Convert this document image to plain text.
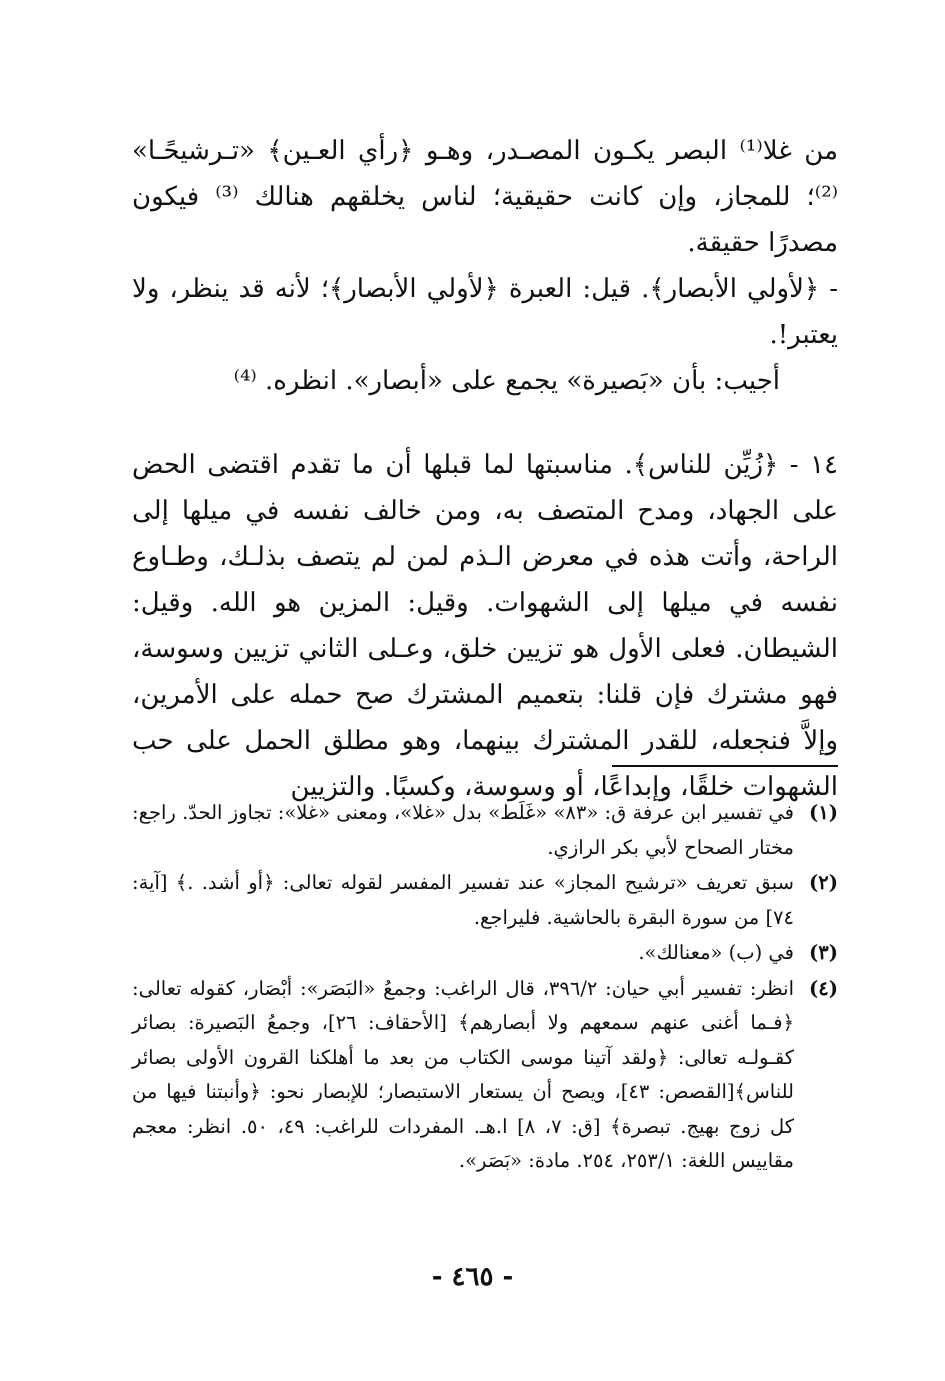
من غلا⁽¹⁾ البصر يكـون المصـدر، وهـو ﴿رأي العـين﴾ «تـرشيحًـا» ⁽²⁾؛ للمجاز، وإن كانت حقيقية؛ لناس يخلقهم هنالك ⁽³⁾ فيكون مصدرًا حقيقة.

- ﴿لأولي الأبصار﴾. قيل: العبرة ﴿لأولي الأبصار﴾؛ لأنه قد ينظر، ولا يعتبر!.

أجيب: بأن «بَصيرة» يجمع على «أبصار». انظره. ⁽⁴⁾

١٤ - ﴿زُيِّن للناس﴾. مناسبتها لما قبلها أن ما تقدم اقتضى الحض على الجهاد، ومدح المتصف به، ومن خالف نفسه في ميلها إلى الراحة، وأتت هذه في معرض الـذم لمن لم يتصف بذلـك، وطـاوع نفسه في ميلها إلى الشهوات. وقيل: المزين هو الله. وقيل: الشيطان. فعلى الأول هو تزيين خلق، وعـلى الثاني تزيين وسوسة، فهو مشترك فإن قلنا: بتعميم المشترك صح حمله على الأمرين، وإلاَّ فنجعله، للقدر المشترك بينهما، وهو مطلق الحمل على حب الشهوات خلقًا، وإبداعًا، أو وسوسة، وكسبًا. والتزيين

(١)
في تفسير ابن عرفة ق: «٨٣» «غَلَط» بدل «غلا»، ومعنى «غلا»: تجاوز الحدّ. راجع: مختار الصحاح لأبي بكر الرازي.
(٢)
سبق تعريف «ترشيح المجاز» عند تفسير المفسر لقوله تعالى: ﴿أو أشد. .﴾ [آية: ٧٤] من سورة البقرة بالحاشية. فليراجع.
(٣)
في (ب) «معنالك».
(٤)
انظر: تفسير أبي حيان: ٣٩٦/٢، قال الراغب: وجمعُ «البَصَر»: أبْصَار، كقوله تعالى: ﴿فـما أغنى عنهم سمعهم ولا أبصارهم﴾ [الأحقاف: ٢٦]، وجمعُ البَصيرة: بصائر كقـولـه تعالى: ﴿ولقد آتينا موسى الكتاب من بعد ما أهلكنا القرون الأولى بصائر للناس﴾[القصص: ٤٣]، ويصح أن يستعار الاستبصار؛ للإبصار نحو: ﴿وأنبتنا فيها من كل زوج بهيج. تبصرة﴾ [ق: ٧، ٨] ا.هـ. المفردات للراغب: ٤٩، ٥٠. انظر: معجم مقاييس اللغة: ٢٥٣/١، ٢٥٤. مادة: «بَصَر».
- ٤٦٥ -
